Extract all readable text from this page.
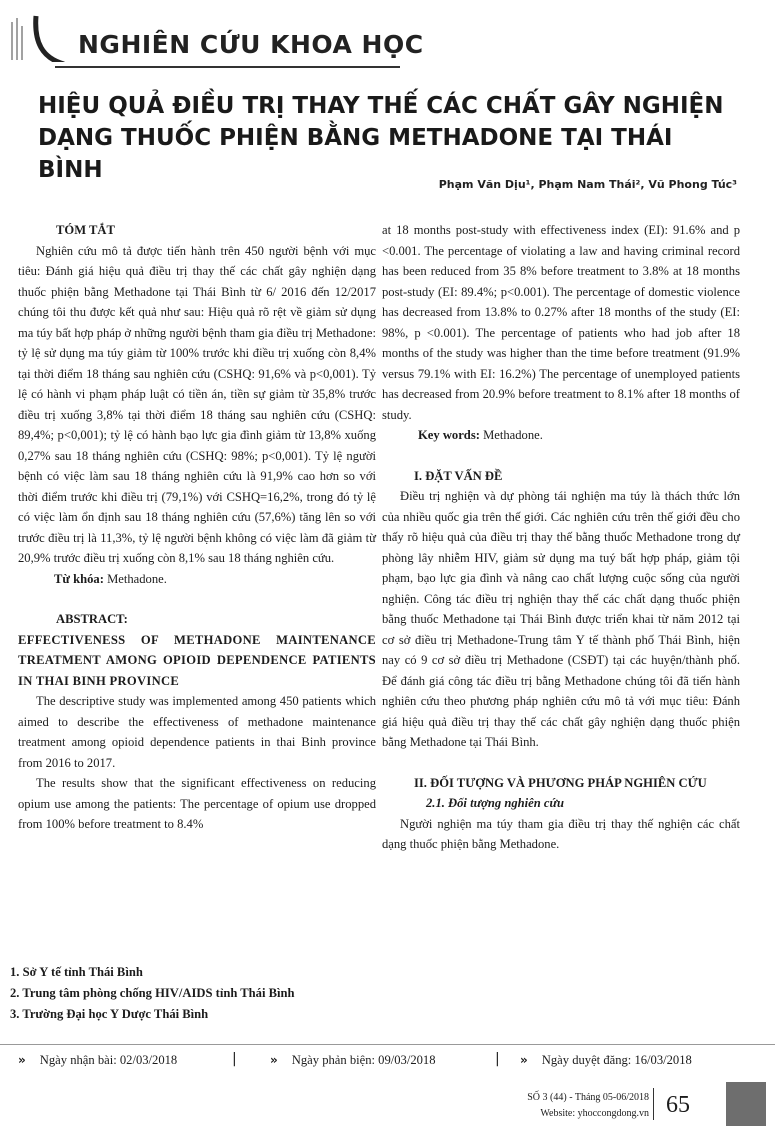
NGHIÊN CỨU KHOA HỌC
HIỆU QUẢ ĐIỀU TRỊ THAY THẾ CÁC CHẤT GÂY NGHIỆN
DẠNG THUỐC PHIỆN BẰNG METHADONE TẠI THÁI BÌNH
Phạm Văn Dịu¹, Phạm Nam Thái², Vũ Phong Túc³

TÓM TẮT

Nghiên cứu mô tả được tiến hành trên 450 người bệnh với mục tiêu: Đánh giá hiệu quả điều trị thay thế các chất gây nghiện dạng thuốc phiện bằng Methadone tại Thái Bình từ 6/ 2016 đến 12/2017 chúng tôi thu được kết quả như sau: Hiệu quả rõ rệt về giảm sử dụng ma túy bất hợp pháp ở những người bệnh tham gia điều trị Methadone: tỷ lệ sử dụng ma túy giảm từ 100% trước khi điều trị xuống còn 8,4% tại thời điểm 18 tháng sau nghiên cứu (CSHQ: 91,6% và p<0,001). Tỷ lệ có hành vi phạm pháp luật có tiền án, tiền sự giảm từ 35,8% trước điều trị xuống 3,8% tại thời điểm 18 tháng sau nghiên cứu (CSHQ: 89,4%; p<0,001); tỷ lệ có hành bạo lực gia đình giảm từ 13,8% xuống 0,27% sau 18 tháng nghiên cứu (CSHQ: 98%; p<0,001). Tỷ lệ người bệnh có việc làm sau 18 tháng nghiên cứu là 91,9% cao hơn so với thời điểm trước khi điều trị (79,1%) với CSHQ=16,2%, trong đó tỷ lệ có việc làm ổn định sau 18 tháng nghiên cứu (57,6%) tăng lên so với trước điều trị là 11,3%, tỷ lệ người bệnh không có việc làm đã giảm từ 20,9% trước điều trị xuống còn 8,1% sau 18 tháng nghiên cứu.

Từ khóa: Methadone.

ABSTRACT:

EFFECTIVENESS OF METHADONE MAINTENANCE TREATMENT AMONG OPIOID DEPENDENCE PATIENTS IN THAI BINH PROVINCE

The descriptive study was implemented among 450 patients which aimed to describe the effectiveness of methadone maintenance treatment among opioid dependence patients in thai Binh province from 2016 to 2017.

The results show that the significant effectiveness on reducing opium use among the patients: The percentage of opium use dropped from 100% before treatment to 8.4%

at 18 months post-study with effectiveness index (EI): 91.6% and p <0.001. The percentage of violating a law and having criminal record has been reduced from 35 8% before treatment to 3.8% at 18 months post-study (EI: 89.4%; p<0.001). The percentage of domestic violence has decreased from 13.8% to 0.27% after 18 months of the study (EI: 98%, p <0.001). The percentage of patients who had job after 18 months of the study was higher than the time before treatment (91.9% versus 79.1% with EI: 16.2%) The percentage of unemployed patients has decreased from 20.9% before treatment to 8.1% after 18 months of study.

Key words: Methadone.

I. ĐẶT VẤN ĐỀ

Điều trị nghiện và dự phòng tái nghiện ma túy là thách thức lớn của nhiều quốc gia trên thế giới. Các nghiên cứu trên thế giới đều cho thấy rõ hiệu quả của điều trị thay thế bằng thuốc Methadone trong dự phòng lây nhiễm HIV, giảm sử dụng ma tuý bất hợp pháp, giảm tội phạm, bạo lực gia đình và nâng cao chất lượng cuộc sống của người nghiện. Công tác điều trị nghiện thay thế các chất dạng thuốc phiện bằng thuốc Methadone tại Thái Bình được triển khai từ năm 2012 tại cơ sở điều trị Methadone-Trung tâm Y tế thành phố Thái Bình, hiện nay có 9 cơ sở điều trị Methadone (CSĐT) tại các huyện/thành phố. Để đánh giá công tác điều trị bằng Methadone chúng tôi đã tiến hành nghiên cứu theo phương pháp nghiên cứu mô tả với mục tiêu: Đánh giá hiệu quả điều trị thay thế các chất gây nghiện dạng thuốc phiện bằng Methadone tại Thái Bình.

II. ĐỐI TƯỢNG VÀ PHƯƠNG PHÁP NGHIÊN CỨU

2.1. Đối tượng nghiên cứu

Người nghiện ma túy tham gia điều trị thay thế nghiện các chất dạng thuốc phiện bằng Methadone.

1. Sở Y tế tỉnh Thái Bình
2. Trung tâm phòng chống HIV/AIDS tỉnh Thái Bình
3. Trường Đại học Y Dược Thái Bình
» Ngày nhận bài: 02/03/2018	|	» Ngày phản biện: 09/03/2018	| » Ngày duyệt đăng: 16/03/2018
SỐ 3 (44) - Tháng 05-06/2018
Website: yhoccongdong.vn 65
